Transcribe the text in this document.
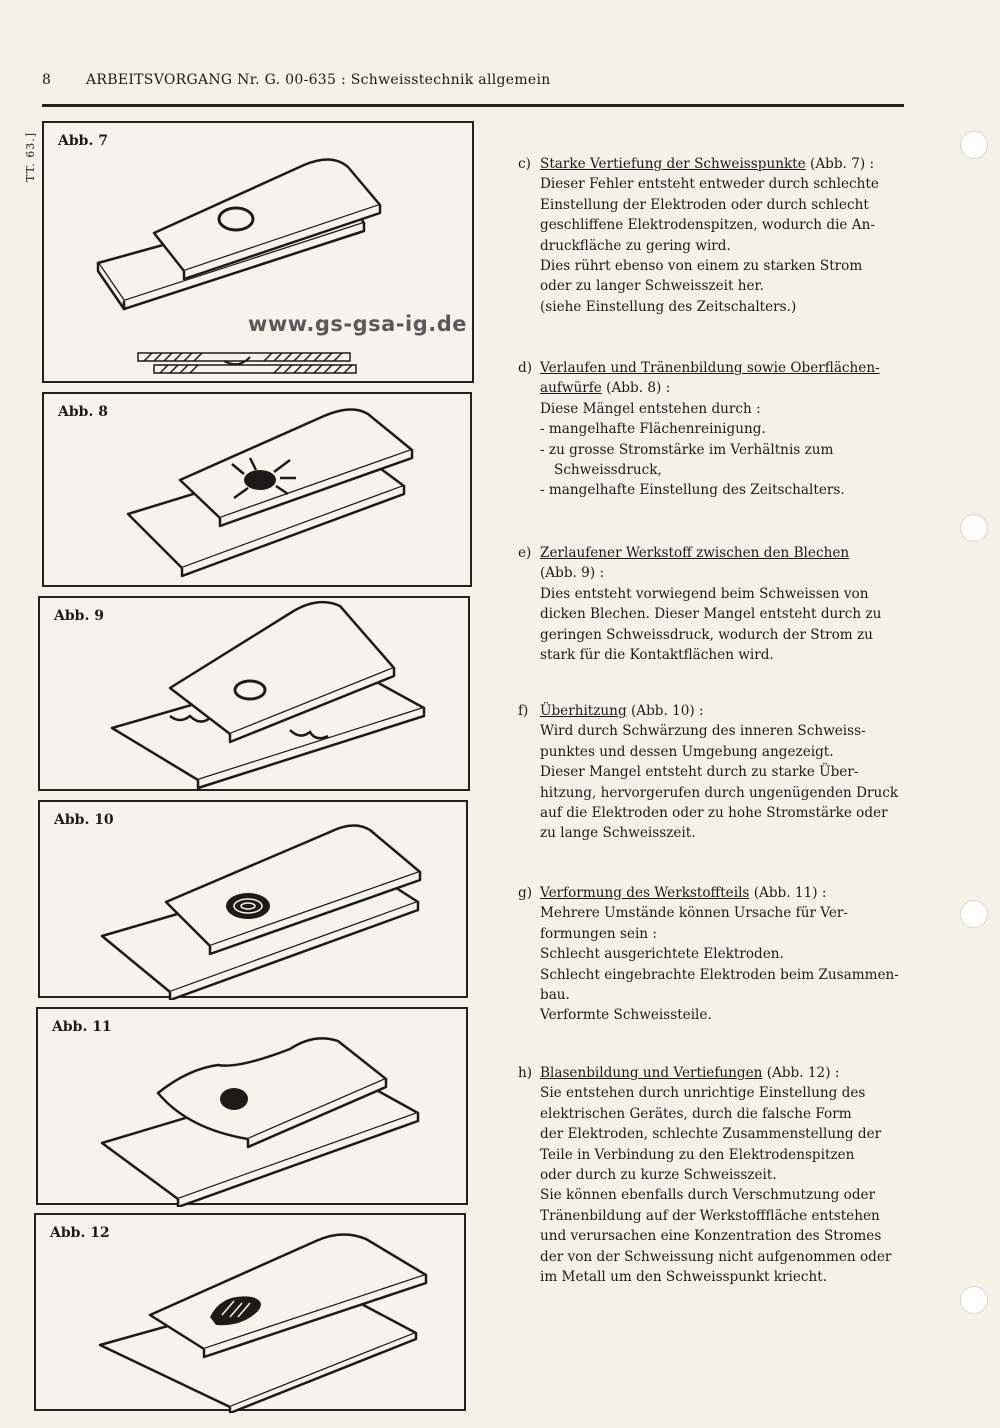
8 ARBEITSVORGANG Nr. G. 00-635 : Schweisstechnik allgemein
TT. 63.]	Abb. 7
www.gs-gsa-ig.de
Abb. 8
Abb. 9
Abb. 10
Abb. 11
Abb. 12
c) Starke Vertiefung der Schweisspunkte (Abb. 7) :
Dieser Fehler entsteht entweder durch schlechte
Einstellung der Elektroden oder durch schlecht
geschliffene Elektrodenspitzen, wodurch die An-
druckfläche zu gering wird.
Dies rührt ebenso von einem zu starken Strom
oder zu langer Schweisszeit her.
(siehe Einstellung des Zeitschalters.)
d) Verlaufen und Tränenbildung sowie Oberflächen-
aufwürfe (Abb. 8) :
Diese Mängel entstehen durch :
- mangelhafte Flächenreinigung.
- zu grosse Stromstärke im Verhältnis zum
Schweissdruck,
- mangelhafte Einstellung des Zeitschalters.
e) Zerlaufener Werkstoff zwischen den Blechen
(Abb. 9) :
Dies entsteht vorwiegend beim Schweissen von
dicken Blechen. Dieser Mangel entsteht durch zu
geringen Schweissdruck, wodurch der Strom zu
stark für die Kontaktflächen wird.
f) Überhitzung (Abb. 10) :
Wird durch Schwärzung des inneren Schweiss-
punktes und dessen Umgebung angezeigt.
Dieser Mangel entsteht durch zu starke Über-
hitzung, hervorgerufen durch ungenügenden Druck
auf die Elektroden oder zu hohe Stromstärke oder
zu lange Schweisszeit.
g) Verformung des Werkstoffteils (Abb. 11) :
Mehrere Umstände können Ursache für Ver-
formungen sein :
Schlecht ausgerichtete Elektroden.
Schlecht eingebrachte Elektroden beim Zusammen-
bau.
Verformte Schweissteile.
h) Blasenbildung und Vertiefungen (Abb. 12) :
Sie entstehen durch unrichtige Einstellung des
elektrischen Gerätes, durch die falsche Form
der Elektroden, schlechte Zusammenstellung der
Teile in Verbindung zu den Elektrodenspitzen
oder durch zu kurze Schweisszeit.
Sie können ebenfalls durch Verschmutzung oder
Tränenbildung auf der Werkstofffläche entstehen
und verursachen eine Konzentration des Stromes
der von der Schweissung nicht aufgenommen oder
im Metall um den Schweisspunkt kriecht.
